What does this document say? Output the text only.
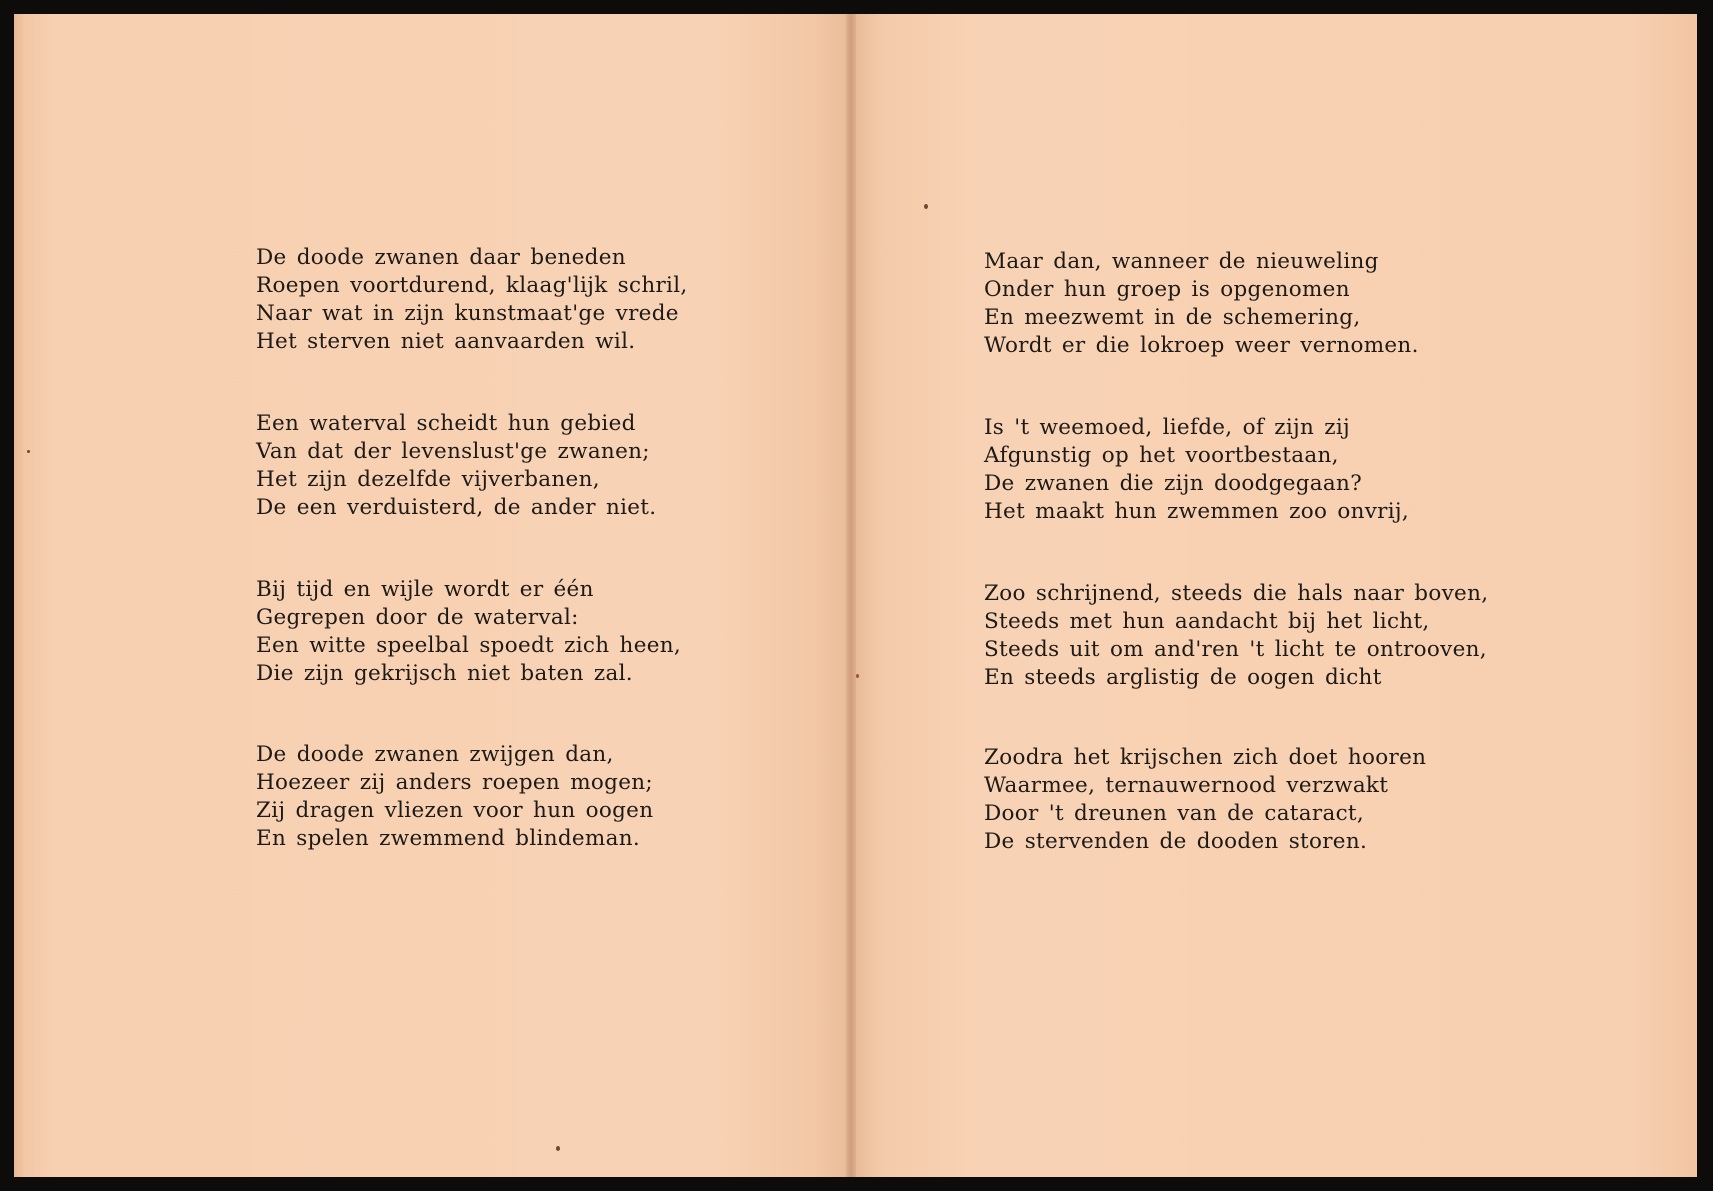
De doode zwanen daar beneden
Roepen voortdurend, klaag'lijk schril,
Naar wat in zijn kunstmaat'ge vrede
Het sterven niet aanvaarden wil.
Een waterval scheidt hun gebied
Van dat der levenslust'ge zwanen;
Het zijn dezelfde vijverbanen,
De een verduisterd, de ander niet.
Bij tijd en wijle wordt er één
Gegrepen door de waterval:
Een witte speelbal spoedt zich heen,
Die zijn gekrijsch niet baten zal.
De doode zwanen zwijgen dan,
Hoezeer zij anders roepen mogen;
Zij dragen vliezen voor hun oogen
En spelen zwemmend blindeman.
Maar dan, wanneer de nieuweling
Onder hun groep is opgenomen
En meezwemt in de schemering,
Wordt er die lokroep weer vernomen.
Is 't weemoed, liefde, of zijn zij
Afgunstig op het voortbestaan,
De zwanen die zijn doodgegaan?
Het maakt hun zwemmen zoo onvrij,
Zoo schrijnend, steeds die hals naar boven,
Steeds met hun aandacht bij het licht,
Steeds uit om and'ren 't licht te ontrooven,
En steeds arglistig de oogen dicht
Zoodra het krijschen zich doet hooren
Waarmee, ternauwernood verzwakt
Door 't dreunen van de cataract,
De stervenden de dooden storen.
